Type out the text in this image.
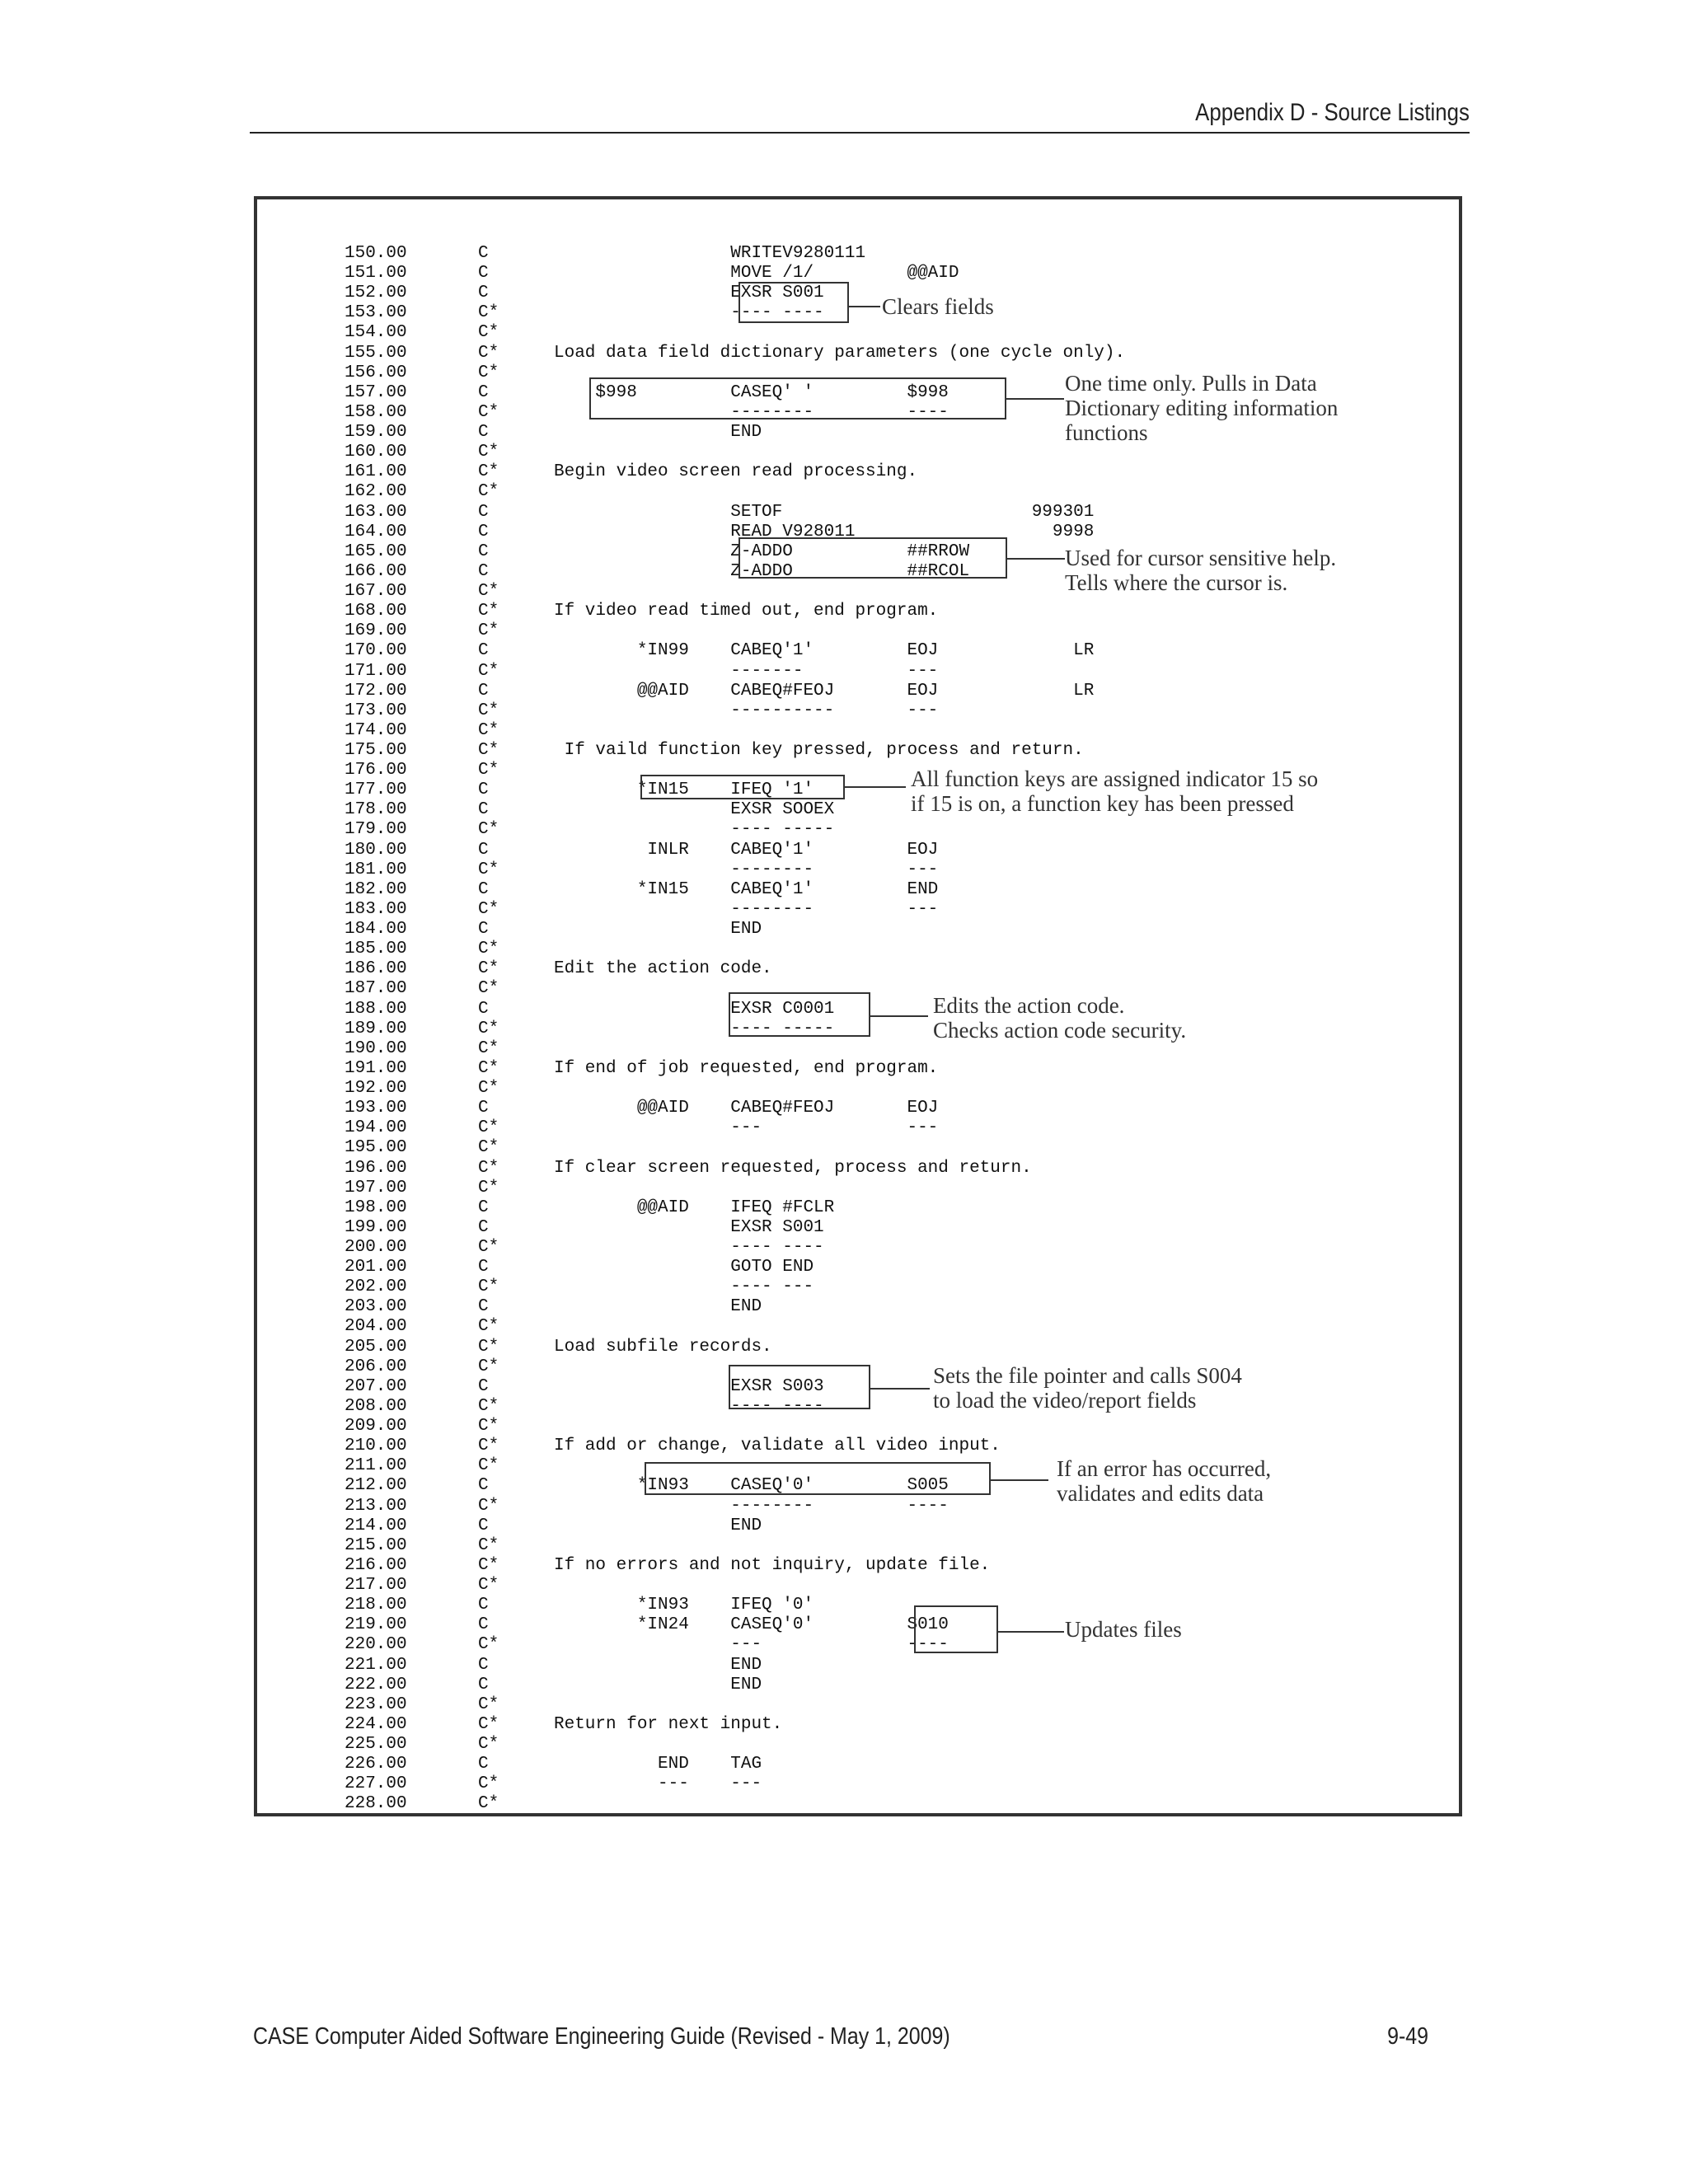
Appendix D - Source Listings
150.00	C	WRITEV9280111
151.00	C	MOVE /1/         @@AID
152.00	C	EXSR S001
153.00	C*	---- ----
154.00	C*
155.00	C*	Load data field dictionary parameters (one cycle only).
156.00	C*
157.00	C	$998         CASEQ' '         $998
158.00	C*	--------         ----
159.00	C	END
160.00	C*
161.00	C*	Begin video screen read processing.
162.00	C*
163.00	C	SETOF                        999301
164.00	C	READ V928011                   9998
165.00	C	Z-ADDO           ##RROW
166.00	C	Z-ADDO           ##RCOL
167.00	C*
168.00	C*	If video read timed out, end program.
169.00	C*
170.00	C	*IN99    CABEQ'1'         EOJ             LR
171.00	C*	-------          ---
172.00	C	@@AID    CABEQ#FEOJ       EOJ             LR
173.00	C*	----------       ---
174.00	C*
175.00	C*	If vaild function key pressed, process and return.
176.00	C*
177.00	C	*IN15    IFEQ '1'
178.00	C	EXSR SOOEX
179.00	C*	---- -----
180.00	C	INLR    CABEQ'1'         EOJ
181.00	C*	--------         ---
182.00	C	*IN15    CABEQ'1'         END
183.00	C*	--------         ---
184.00	C	END
185.00	C*
186.00	C*	Edit the action code.
187.00	C*
188.00	C	EXSR C0001
189.00	C*	---- -----
190.00	C*
191.00	C*	If end of job requested, end program.
192.00	C*
193.00	C	@@AID    CABEQ#FEOJ       EOJ
194.00	C*	---              ---
195.00	C*
196.00	C*	If clear screen requested, process and return.
197.00	C*
198.00	C	@@AID    IFEQ #FCLR
199.00	C	EXSR S001
200.00	C*	---- ----
201.00	C	GOTO END
202.00	C*	---- ---
203.00	C	END
204.00	C*
205.00	C*	Load subfile records.
206.00	C*
207.00	C	EXSR S003
208.00	C*	---- ----
209.00	C*
210.00	C*	If add or change, validate all video input.
211.00	C*
212.00	C	*IN93    CASEQ'0'         S005
213.00	C*	--------         ----
214.00	C	END
215.00	C*
216.00	C*	If no errors and not inquiry, update file.
217.00	C*
218.00	C	*IN93    IFEQ '0'
219.00	C	*IN24    CASEQ'0'         S010
220.00	C*	---              ----
221.00	C	END
222.00	C	END
223.00	C*
224.00	C*	Return for next input.
225.00	C*
226.00	C	END    TAG
227.00	C*	---    ---
228.00	C*
Clears fields
One time only. Pulls in Data
Dictionary editing information
functions
Used for cursor sensitive help.
Tells where the cursor is.
All function keys are assigned indicator 15 so
if 15 is on, a function key has been pressed
Edits the action code.
Checks action code security.
Sets the file pointer and calls S004
to load the video/report fields
If an error has occurred,
validates and edits data
Updates files
CASE Computer Aided Software Engineering Guide (Revised - May 1, 2009)	9-49
